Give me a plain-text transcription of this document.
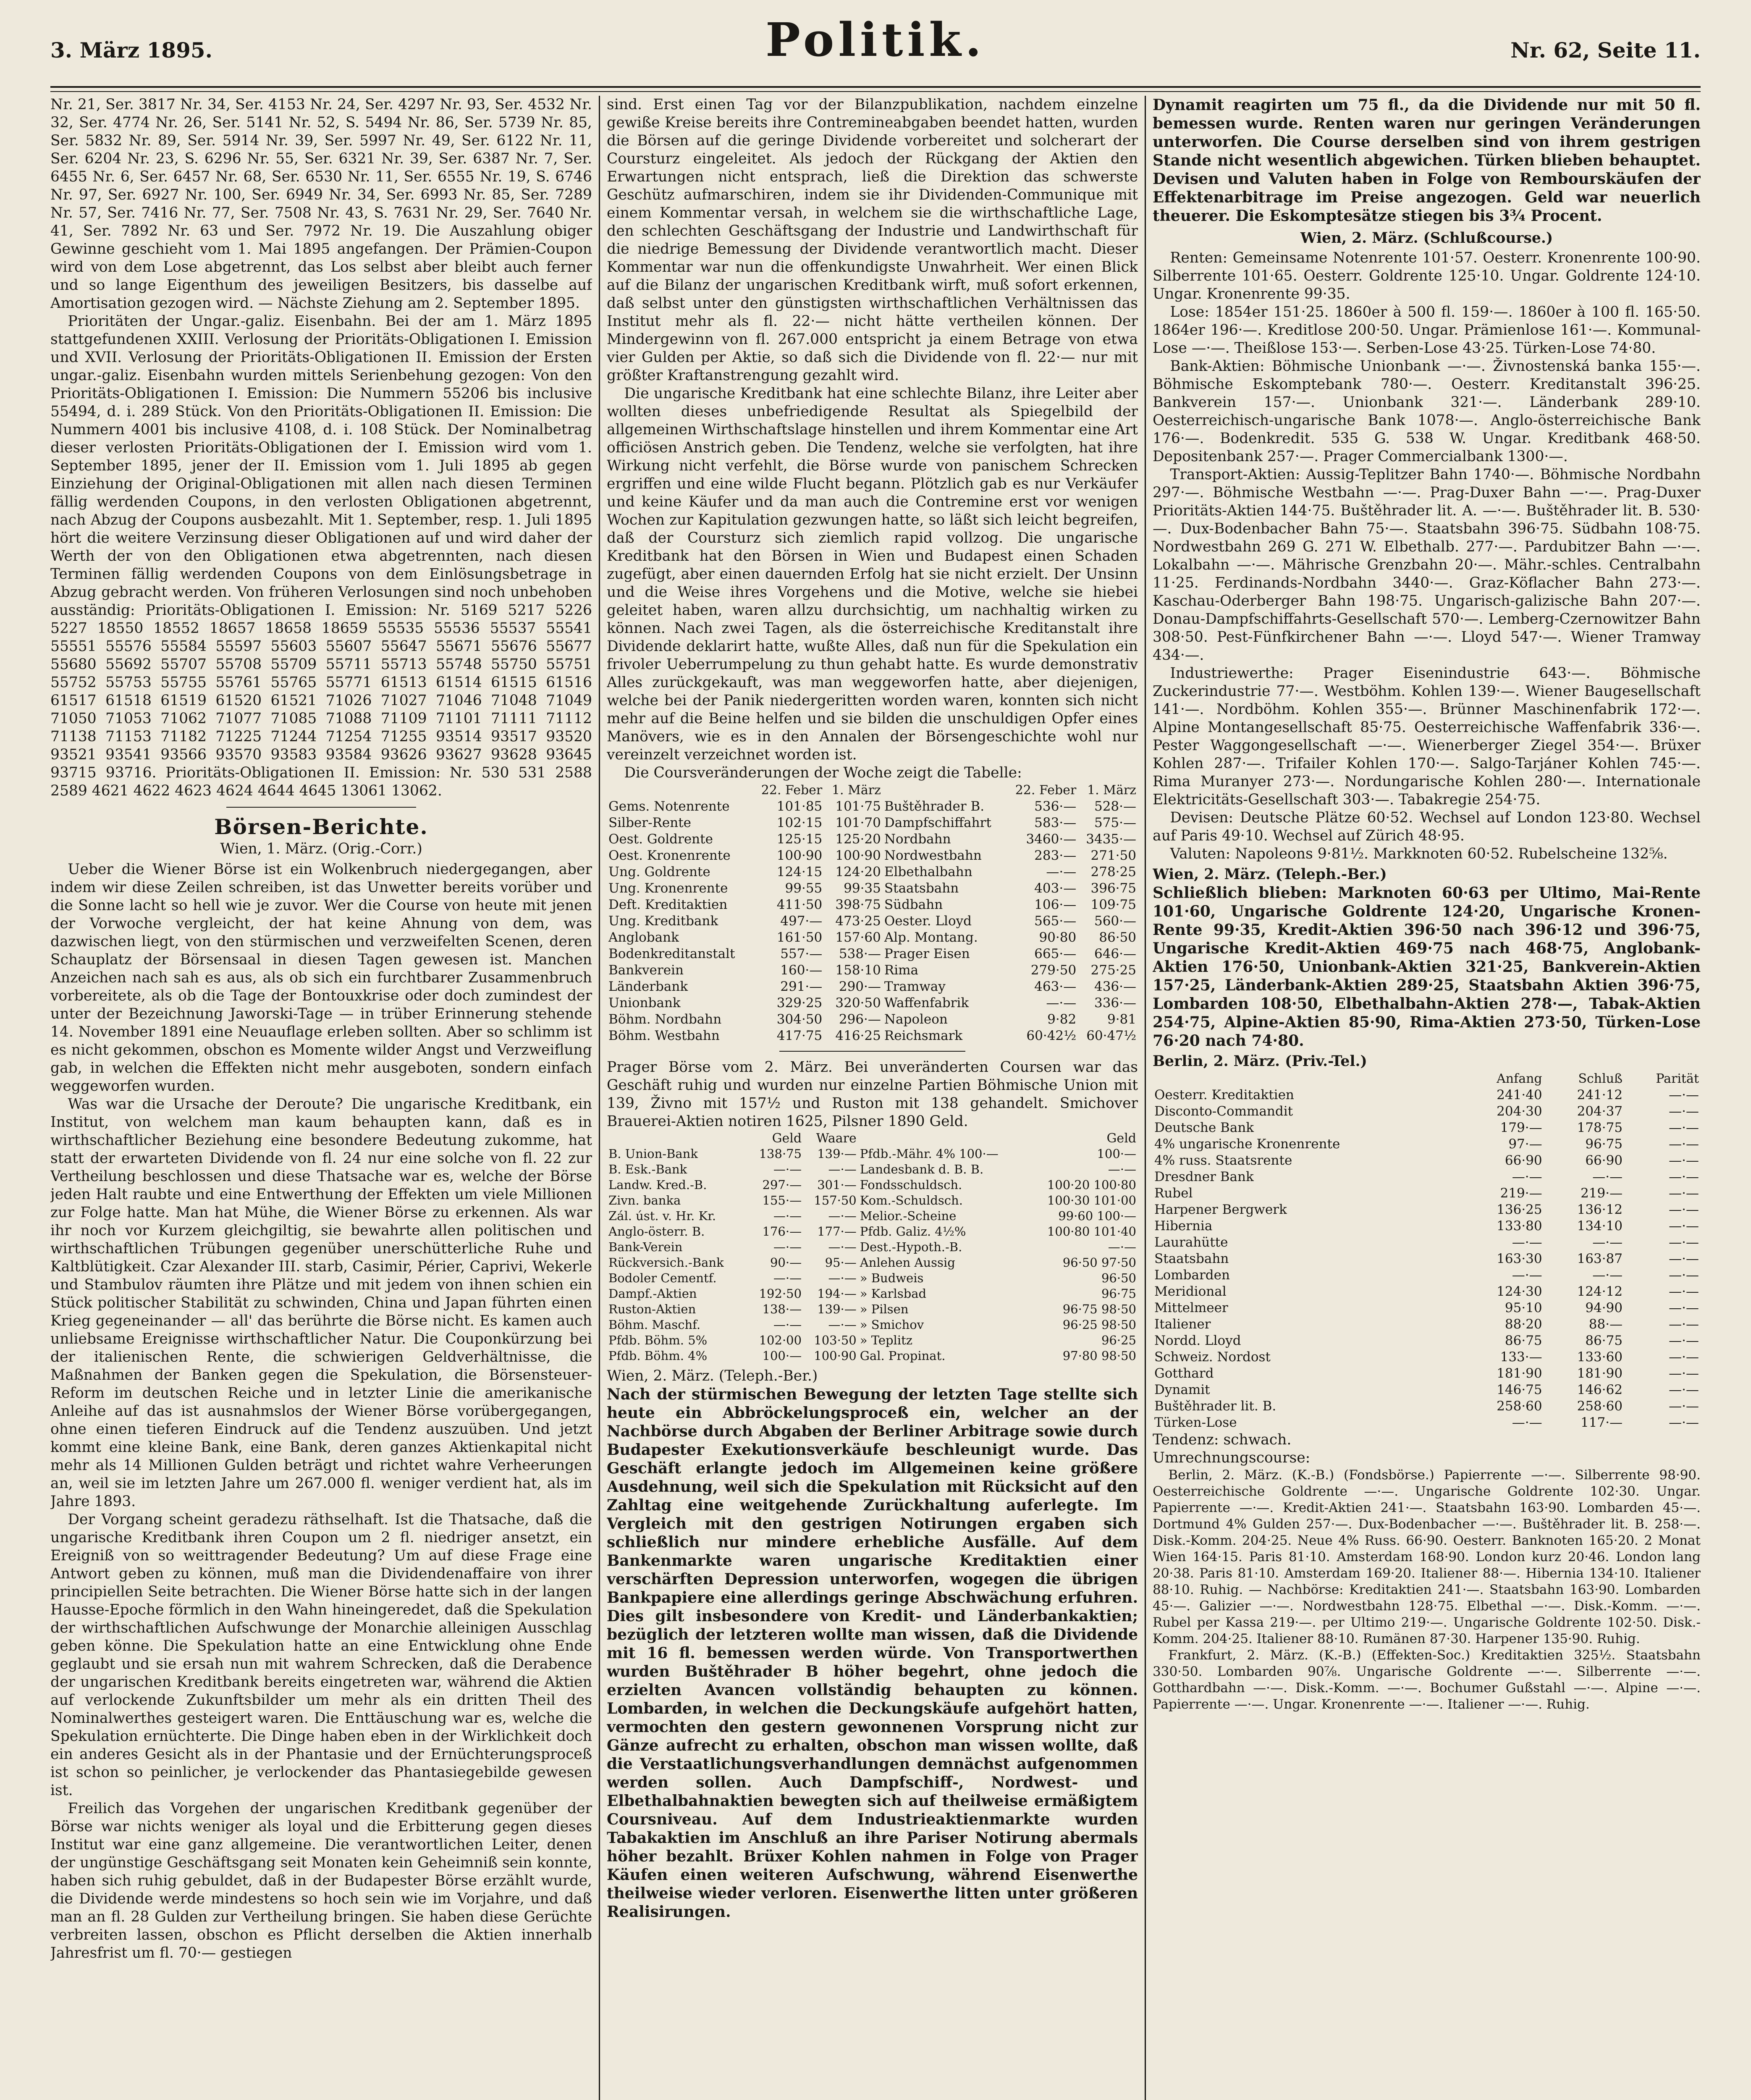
3. März 1895.	Politik.	Nr. 62, Seite 11.

Nr. 21, Ser. 3817 Nr. 34, Ser. 4153 Nr. 24, Ser. 4297 Nr. 93, Ser. 4532 Nr. 32, Ser. 4774 Nr. 26, Ser. 5141 Nr. 52, S. 5494 Nr. 86, Ser. 5739 Nr. 85, Ser. 5832 Nr. 89, Ser. 5914 Nr. 39, Ser. 5997 Nr. 49, Ser. 6122 Nr. 11, Ser. 6204 Nr. 23, S. 6296 Nr. 55, Ser. 6321 Nr. 39, Ser. 6387 Nr. 7, Ser. 6455 Nr. 6, Ser. 6457 Nr. 68, Ser. 6530 Nr. 11, Ser. 6555 Nr. 19, S. 6746 Nr. 97, Ser. 6927 Nr. 100, Ser. 6949 Nr. 34, Ser. 6993 Nr. 85, Ser. 7289 Nr. 57, Ser. 7416 Nr. 77, Ser. 7508 Nr. 43, S. 7631 Nr. 29, Ser. 7640 Nr. 41, Ser. 7892 Nr. 63 und Ser. 7972 Nr. 19. Die Auszahlung obiger Gewinne geschieht vom 1. Mai 1895 angefangen. Der Prämien-Coupon wird von dem Lose abgetrennt, das Los selbst aber bleibt auch ferner und so lange Eigenthum des jeweiligen Besitzers, bis dasselbe auf Amortisation gezogen wird. — Nächste Ziehung am 2. September 1895.

Prioritäten der Ungar.-galiz. Eisenbahn. Bei der am 1. März 1895 stattgefundenen XXIII. Verlosung der Prioritäts-Obligationen I. Emission und XVII. Verlosung der Prioritäts-Obligationen II. Emission der Ersten ungar.-galiz. Eisenbahn wurden mittels Serienbehung gezogen: Von den Prioritäts-Obligationen I. Emission: Die Nummern 55206 bis inclusive 55494, d. i. 289 Stück. Von den Prioritäts-Obligationen II. Emission: Die Nummern 4001 bis inclusive 4108, d. i. 108 Stück. Der Nominalbetrag dieser verlosten Prioritäts-Obligationen der I. Emission wird vom 1. September 1895, jener der II. Emission vom 1. Juli 1895 ab gegen Einziehung der Original-Obligationen mit allen nach diesen Terminen fällig werdenden Coupons, in den verlosten Obligationen abgetrennt, nach Abzug der Coupons ausbezahlt. Mit 1. September, resp. 1. Juli 1895 hört die weitere Verzinsung dieser Obligationen auf und wird daher der Werth der von den Obligationen etwa abgetrennten, nach diesen Terminen fällig werdenden Coupons von dem Einlösungsbetrage in Abzug gebracht werden. Von früheren Verlosungen sind noch unbehoben ausständig: Prioritäts-Obligationen I. Emission: Nr. 5169 5217 5226 5227 18550 18552 18657 18658 18659 55535 55536 55537 55541 55551 55576 55584 55597 55603 55607 55647 55671 55676 55677 55680 55692 55707 55708 55709 55711 55713 55748 55750 55751 55752 55753 55755 55761 55765 55771 61513 61514 61515 61516 61517 61518 61519 61520 61521 71026 71027 71046 71048 71049 71050 71053 71062 71077 71085 71088 71109 71101 71111 71112 71138 71153 71182 71225 71244 71254 71255 93514 93517 93520 93521 93541 93566 93570 93583 93584 93626 93627 93628 93645 93715 93716. Prioritäts-Obligationen II. Emission: Nr. 530 531 2588 2589 4621 4622 4623 4624 4644 4645 13061 13062.

Börsen-Berichte.
Wien, 1. März. (Orig.-Corr.)

Ueber die Wiener Börse ist ein Wolkenbruch niedergegangen, aber indem wir diese Zeilen schreiben, ist das Unwetter bereits vorüber und die Sonne lacht so hell wie je zuvor. Wer die Course von heute mit jenen der Vorwoche vergleicht, der hat keine Ahnung von dem, was dazwischen liegt, von den stürmischen und verzweifelten Scenen, deren Schauplatz der Börsensaal in diesen Tagen gewesen ist. Manchen Anzeichen nach sah es aus, als ob sich ein furchtbarer Zusammenbruch vorbereitete, als ob die Tage der Bontouxkrise oder doch zumindest der unter der Bezeichnung Jaworski-Tage — in trüber Erinnerung stehende 14. November 1891 eine Neuauflage erleben sollten. Aber so schlimm ist es nicht gekommen, obschon es Momente wilder Angst und Verzweiflung gab, in welchen die Effekten nicht mehr ausgeboten, sondern einfach weggeworfen wurden.

Was war die Ursache der Deroute? Die ungarische Kreditbank, ein Institut, von welchem man kaum behaupten kann, daß es in wirthschaftlicher Beziehung eine besondere Bedeutung zukomme, hat statt der erwarteten Dividende von fl. 24 nur eine solche von fl. 22 zur Vertheilung beschlossen und diese Thatsache war es, welche der Börse jeden Halt raubte und eine Entwerthung der Effekten um viele Millionen zur Folge hatte. Man hat Mühe, die Wiener Börse zu erkennen. Als war ihr noch vor Kurzem gleichgiltig, sie bewahrte allen politischen und wirthschaftlichen Trübungen gegenüber unerschütterliche Ruhe und Kaltblütigkeit. Czar Alexander III. starb, Casimir, Périer, Caprivi, Wekerle und Stambulov räumten ihre Plätze und mit jedem von ihnen schien ein Stück politischer Stabilität zu schwinden, China und Japan führten einen Krieg gegeneinander — all' das berührte die Börse nicht. Es kamen auch unliebsame Ereignisse wirthschaftlicher Natur. Die Couponkürzung bei der italienischen Rente, die schwierigen Geldverhältnisse, die Maßnahmen der Banken gegen die Spekulation, die Börsensteuer-Reform im deutschen Reiche und in letzter Linie die amerikanische Anleihe auf das ist ausnahmslos der Wiener Börse vorübergegangen, ohne einen tieferen Eindruck auf die Tendenz auszuüben. Und jetzt kommt eine kleine Bank, eine Bank, deren ganzes Aktienkapital nicht mehr als 14 Millionen Gulden beträgt und richtet wahre Verheerungen an, weil sie im letzten Jahre um 267.000 fl. weniger verdient hat, als im Jahre 1893.

Der Vorgang scheint geradezu räthselhaft. Ist die Thatsache, daß die ungarische Kreditbank ihren Coupon um 2 fl. niedriger ansetzt, ein Ereigniß von so weittragender Bedeutung? Um auf diese Frage eine Antwort geben zu können, muß man die Dividendenaffaire von ihrer principiellen Seite betrachten. Die Wiener Börse hatte sich in der langen Hausse-Epoche förmlich in den Wahn hineingeredet, daß die Spekulation der wirthschaftlichen Aufschwunge der Monarchie alleinigen Ausschlag geben könne. Die Spekulation hatte an eine Entwicklung ohne Ende geglaubt und sie ersah nun mit wahrem Schrecken, daß die Derabence der ungarischen Kreditbank bereits eingetreten war, während die Aktien auf verlockende Zukunftsbilder um mehr als ein dritten Theil des Nominalwerthes gesteigert waren. Die Enttäuschung war es, welche die Spekulation ernüchterte. Die Dinge haben eben in der Wirklichkeit doch ein anderes Gesicht als in der Phantasie und der Ernüchterungsproceß ist schon so peinlicher, je verlockender das Phantasiegebilde gewesen ist.

Freilich das Vorgehen der ungarischen Kreditbank gegenüber der Börse war nichts weniger als loyal und die Erbitterung gegen dieses Institut war eine ganz allgemeine. Die verantwortlichen Leiter, denen der ungünstige Geschäftsgang seit Monaten kein Geheimniß sein konnte, haben sich ruhig gebuldet, daß in der Budapester Börse erzählt wurde, die Dividende werde mindestens so hoch sein wie im Vorjahre, und daß man an fl. 28 Gulden zur Vertheilung bringen. Sie haben diese Gerüchte verbreiten lassen, obschon es Pflicht derselben die Aktien innerhalb Jahresfrist um fl. 70·— gestiegen

sind. Erst einen Tag vor der Bilanzpublikation, nachdem einzelne gewiße Kreise bereits ihre Contremineabgaben beendet hatten, wurden die Börsen auf die geringe Dividende vorbereitet und solcherart der Coursturz eingeleitet. Als jedoch der Rückgang der Aktien den Erwartungen nicht entsprach, ließ die Direktion das schwerste Geschütz aufmarschiren, indem sie ihr Dividenden-Communique mit einem Kommentar versah, in welchem sie die wirthschaftliche Lage, den schlechten Geschäftsgang der Industrie und Landwirthschaft für die niedrige Bemessung der Dividende verantwortlich macht. Dieser Kommentar war nun die offenkundigste Unwahrheit. Wer einen Blick auf die Bilanz der ungarischen Kreditbank wirft, muß sofort erkennen, daß selbst unter den günstigsten wirthschaftlichen Verhältnissen das Institut mehr als fl. 22·— nicht hätte vertheilen können. Der Mindergewinn von fl. 267.000 entspricht ja einem Betrage von etwa vier Gulden per Aktie, so daß sich die Dividende von fl. 22·— nur mit größter Kraftanstrengung gezahlt wird.

Die ungarische Kreditbank hat eine schlechte Bilanz, ihre Leiter aber wollten dieses unbefriedigende Resultat als Spiegelbild der allgemeinen Wirthschaftslage hinstellen und ihrem Kommentar eine Art officiösen Anstrich geben. Die Tendenz, welche sie verfolgten, hat ihre Wirkung nicht verfehlt, die Börse wurde von panischem Schrecken ergriffen und eine wilde Flucht begann. Plötzlich gab es nur Verkäufer und keine Käufer und da man auch die Contremine erst vor wenigen Wochen zur Kapitulation gezwungen hatte, so läßt sich leicht begreifen, daß der Coursturz sich ziemlich rapid vollzog. Die ungarische Kreditbank hat den Börsen in Wien und Budapest einen Schaden zugefügt, aber einen dauernden Erfolg hat sie nicht erzielt. Der Unsinn und die Weise ihres Vorgehens und die Motive, welche sie hiebei geleitet haben, waren allzu durchsichtig, um nachhaltig wirken zu können. Nach zwei Tagen, als die österreichische Kreditanstalt ihre Dividende deklarirt hatte, wußte Alles, daß nun für die Spekulation ein frivoler Ueberrumpelung zu thun gehabt hatte. Es wurde demonstrativ Alles zurückgekauft, was man weggeworfen hatte, aber diejenigen, welche bei der Panik niedergeritten worden waren, konnten sich nicht mehr auf die Beine helfen und sie bilden die unschuldigen Opfer eines Manövers, wie es in den Annalen der Börsengeschichte wohl nur vereinzelt verzeichnet worden ist.

Die Coursveränderungen der Woche zeigt die Tabelle:

	22. Feber	1. März		22. Feber	1. März
Gems. Notenrente	101·85	101·75	Buštěhrader B.	536·—	528·—
Silber-Rente	102·15	101·70	Dampfschiffahrt	583·—	575·—
Oest. Goldrente	125·15	125·20	Nordbahn	3460·—	3435·—
Oest. Kronenrente	100·90	100·90	Nordwestbahn	283·—	271·50
Ung. Goldrente	124·15	124·20	Elbethalbahn	—·—	278·25
Ung. Kronenrente	99·55	99·35	Staatsbahn	403·—	396·75
Deft. Kreditaktien	411·50	398·75	Südbahn	106·—	109·75
Ung. Kreditbank	497·—	473·25	Oester. Lloyd	565·—	560·—
Anglobank	161·50	157·60	Alp. Montang.	90·80	86·50
Bodenkreditanstalt	557·—	538·—	Prager Eisen	665·—	646·—
Bankverein	160·—	158·10	Rima	279·50	275·25
Länderbank	291·—	290·—	Tramway	463·—	436·—
Unionbank	329·25	320·50	Waffenfabrik	—·—	336·—
Böhm. Nordbahn	304·50	296·—	Napoleon	9·82	9·81
Böhm. Westbahn	417·75	416·25	Reichsmark	60·42½	60·47½

Prager Börse vom 2. März. Bei unveränderten Coursen war das Geschäft ruhig und wurden nur einzelne Partien Böhmische Union mit 139, Živno mit 157½ und Ruston mit 138 gehandelt. Smichover Brauerei-Aktien notiren 1625, Pilsner 1890 Geld.

	Geld	Waare		Geld
B. Union-Bank	138·75	139·—	Pfdb.-Mähr. 4% 100·—	100·—
B. Esk.-Bank	—·—	—·—	Landesbank d. B. B.	—·—
Landw. Kred.-B.	297·—	301·—	Fondsschuldsch.	100·20 100·80
Zivn. banka	155·—	157·50	Kom.-Schuldsch.	100·30 101·00
Zál. úst. v. Hr. Kr.	—·—	—·—	Melior.-Scheine	99·60 100·—
Anglo-österr. B.	176·—	177·—	Pfdb. Galiz. 4½%	100·80 101·40
Bank-Verein	—·—	—·—	Dest.-Hypoth.-B.	—·—
Rückversich.-Bank	90·—	95·—	Anlehen Aussig	96·50 97·50
Bodoler Cementf.	—·—	—·—	» Budweis	96·50
Dampf.-Aktien	192·50	194·—	» Karlsbad	96·75
Ruston-Aktien	138·—	139·—	» Pilsen	96·75 98·50
Böhm. Maschf.	—·—	—·—	» Smichov	96·25 98·50
Pfdb. Böhm. 5%	102·00	103·50	» Teplitz	96·25
Pfdb. Böhm. 4%	100·—	100·90	Gal. Propinat.	97·80 98·50
Wien, 2. März. (Teleph.-Ber.)

Nach der stürmischen Bewegung der letzten Tage stellte sich heute ein Abbröckelungsproceß ein, welcher an der Nachbörse durch Abgaben der Berliner Arbitrage sowie durch Budapester Exekutionsverkäufe beschleunigt wurde. Das Geschäft erlangte jedoch im Allgemeinen keine größere Ausdehnung, weil sich die Spekulation mit Rücksicht auf den Zahltag eine weitgehende Zurückhaltung auferlegte. Im Vergleich mit den gestrigen Notirungen ergaben sich schließlich nur mindere erhebliche Ausfälle. Auf dem Bankenmarkte waren ungarische Kreditaktien einer verschärften Depression unterworfen, wogegen die übrigen Bankpapiere eine allerdings geringe Abschwächung erfuhren. Dies gilt insbesondere von Kredit- und Länderbankaktien; bezüglich der letzteren wollte man wissen, daß die Dividende mit 16 fl. bemessen werden würde. Von Transportwerthen wurden Buštěhrader B höher begehrt, ohne jedoch die erzielten Avancen vollständig behaupten zu können. Lombarden, in welchen die Deckungskäufe aufgehört hatten, vermochten den gestern gewonnenen Vorsprung nicht zur Gänze aufrecht zu erhalten, obschon man wissen wollte, daß die Verstaatlichungsverhandlungen demnächst aufgenommen werden sollen. Auch Dampfschiff-, Nordwest- und Elbethalbahnaktien bewegten sich auf theilweise ermäßigtem Coursniveau. Auf dem Industrieaktienmarkte wurden Tabakaktien im Anschluß an ihre Pariser Notirung abermals höher bezahlt. Brüxer Kohlen nahmen in Folge von Prager Käufen einen weiteren Aufschwung, während Eisenwerthe theilweise wieder verloren. Eisenwerthe litten unter größeren Realisirungen.

Dynamit reagirten um 75 fl., da die Dividende nur mit 50 fl. bemessen wurde. Renten waren nur geringen Veränderungen unterworfen. Die Course derselben sind von ihrem gestrigen Stande nicht wesentlich abgewichen. Türken blieben behauptet. Devisen und Valuten haben in Folge von Rembourskäufen der Effektenarbitrage im Preise angezogen. Geld war neuerlich theuerer. Die Eskomptesätze stiegen bis 3¾ Procent.

Wien, 2. März. (Schlußcourse.)

Renten: Gemeinsame Notenrente 101·57. Oesterr. Kronenrente 100·90. Silberrente 101·65. Oesterr. Goldrente 125·10. Ungar. Goldrente 124·10. Ungar. Kronenrente 99·35.

Lose: 1854er 151·25. 1860er à 500 fl. 159·—. 1860er à 100 fl. 165·50. 1864er 196·—. Kreditlose 200·50. Ungar. Prämienlose 161·—. Kommunal-Lose —·—. Theißlose 153·—. Serben-Lose 43·25. Türken-Lose 74·80.

Bank-Aktien: Böhmische Unionbank —·—. Živnostenská banka 155·—. Böhmische Eskomptebank 780·—. Oesterr. Kreditanstalt 396·25. Bankverein 157·—. Unionbank 321·—. Länderbank 289·10. Oesterreichisch-ungarische Bank 1078·—. Anglo-österreichische Bank 176·—. Bodenkredit. 535 G. 538 W. Ungar. Kreditbank 468·50. Depositenbank 257·—. Prager Commercialbank 1300·—.

Transport-Aktien: Aussig-Teplitzer Bahn 1740·—. Böhmische Nordbahn 297·—. Böhmische Westbahn —·—. Prag-Duxer Bahn —·—. Prag-Duxer Prioritäts-Aktien 144·75. Buštěhrader lit. A. —·—. Buštěhrader lit. B. 530·—. Dux-Bodenbacher Bahn 75·—. Staatsbahn 396·75. Südbahn 108·75. Nordwestbahn 269 G. 271 W. Elbethalb. 277·—. Pardubitzer Bahn —·—. Lokalbahn —·—. Mährische Grenzbahn 20·—. Mähr.-schles. Centralbahn 11·25. Ferdinands-Nordbahn 3440·—. Graz-Köflacher Bahn 273·—. Kaschau-Oderberger Bahn 198·75. Ungarisch-galizische Bahn 207·—. Donau-Dampfschiffahrts-Gesellschaft 570·—. Lemberg-Czernowitzer Bahn 308·50. Pest-Fünfkirchener Bahn —·—. Lloyd 547·—. Wiener Tramway 434·—.

Industriewerthe: Prager Eisenindustrie 643·—. Böhmische Zuckerindustrie 77·—. Westböhm. Kohlen 139·—. Wiener Baugesellschaft 141·—. Nordböhm. Kohlen 355·—. Brünner Maschinenfabrik 172·—. Alpine Montangesellschaft 85·75. Oesterreichische Waffenfabrik 336·—. Pester Waggongesellschaft —·—. Wienerberger Ziegel 354·—. Brüxer Kohlen 287·—. Trifailer Kohlen 170·—. Salgo-Tarjáner Kohlen 745·—. Rima Muranyer 273·—. Nordungarische Kohlen 280·—. Internationale Elektricitäts-Gesellschaft 303·—. Tabakregie 254·75.

Devisen: Deutsche Plätze 60·52. Wechsel auf London 123·80. Wechsel auf Paris 49·10. Wechsel auf Zürich 48·95.

Valuten: Napoleons 9·81½. Markknoten 60·52. Rubelscheine 132⅝.

Wien, 2. März. (Teleph.-Ber.)

Schließlich blieben: Marknoten 60·63 per Ultimo, Mai-Rente 101·60, Ungarische Goldrente 124·20, Ungarische Kronen-Rente 99·35, Kredit-Aktien 396·50 nach 396·12 und 396·75, Ungarische Kredit-Aktien 469·75 nach 468·75, Anglobank-Aktien 176·50, Unionbank-Aktien 321·25, Bankverein-Aktien 157·25, Länderbank-Aktien 289·25, Staatsbahn Aktien 396·75, Lombarden 108·50, Elbethalbahn-Aktien 278·—, Tabak-Aktien 254·75, Alpine-Aktien 85·90, Rima-Aktien 273·50, Türken-Lose 76·20 nach 74·80.

Berlin, 2. März. (Priv.-Tel.)
	Anfang	Schluß	Parität
Oesterr. Kreditaktien	241·40	241·12	—·—
Disconto-Commandit	204·30	204·37	—·—
Deutsche Bank	179·—	178·75	—·—
4% ungarische Kronenrente	97·—	96·75	—·—
4% russ. Staatsrente	66·90	66·90	—·—
Dresdner Bank	—·—	—·—	—·—
Rubel	219·—	219·—	—·—
Harpener Bergwerk	136·25	136·12	—·—
Hibernia	133·80	134·10	—·—
Laurahütte	—·—	—·—	—·—
Staatsbahn	163·30	163·87	—·—
Lombarden	—·—	—·—	—·—
Meridional	124·30	124·12	—·—
Mittelmeer	95·10	94·90	—·—
Italiener	88·20	88·—	—·—
Nordd. Lloyd	86·75	86·75	—·—
Schweiz. Nordost	133·—	133·60	—·—
Gotthard	181·90	181·90	—·—
Dynamit	146·75	146·62	—·—
Buštěhrader lit. B.	258·60	258·60	—·—
Türken-Lose	—·—	117·—	—·—

Tendenz: schwach.

Umrechnungscourse:

Berlin, 2. März. (K.-B.) (Fondsbörse.) Papierrente —·—. Silberrente 98·90. Oesterreichische Goldrente —·—. Ungarische Goldrente 102·30. Ungar. Papierrente —·—. Kredit-Aktien 241·—. Staatsbahn 163·90. Lombarden 45·—. Dortmund 4% Gulden 257·—. Dux-Bodenbacher —·—. Buštěhrader lit. B. 258·—. Disk.-Komm. 204·25. Neue 4% Russ. 66·90. Oesterr. Banknoten 165·20. 2 Monat Wien 164·15. Paris 81·10. Amsterdam 168·90. London kurz 20·46. London lang 20·38. Paris 81·10. Amsterdam 169·20. Italiener 88·—. Hibernia 134·10. Italiener 88·10. Ruhig. — Nachbörse: Kreditaktien 241·—. Staatsbahn 163·90. Lombarden 45·—. Galizier —·—. Nordwestbahn 128·75. Elbethal —·—. Disk.-Komm. —·—. Rubel per Kassa 219·—. per Ultimo 219·—. Ungarische Goldrente 102·50. Disk.-Komm. 204·25. Italiener 88·10. Rumänen 87·30. Harpener 135·90. Ruhig.

Frankfurt, 2. März. (K.-B.) (Effekten-Soc.) Kreditaktien 325½. Staatsbahn 330·50. Lombarden 90⅞. Ungarische Goldrente —·—. Silberrente —·—. Gotthardbahn —·—. Disk.-Komm. —·—. Bochumer Gußstahl —·—. Alpine —·—. Papierrente —·—. Ungar. Kronenrente —·—. Italiener —·—. Ruhig.
